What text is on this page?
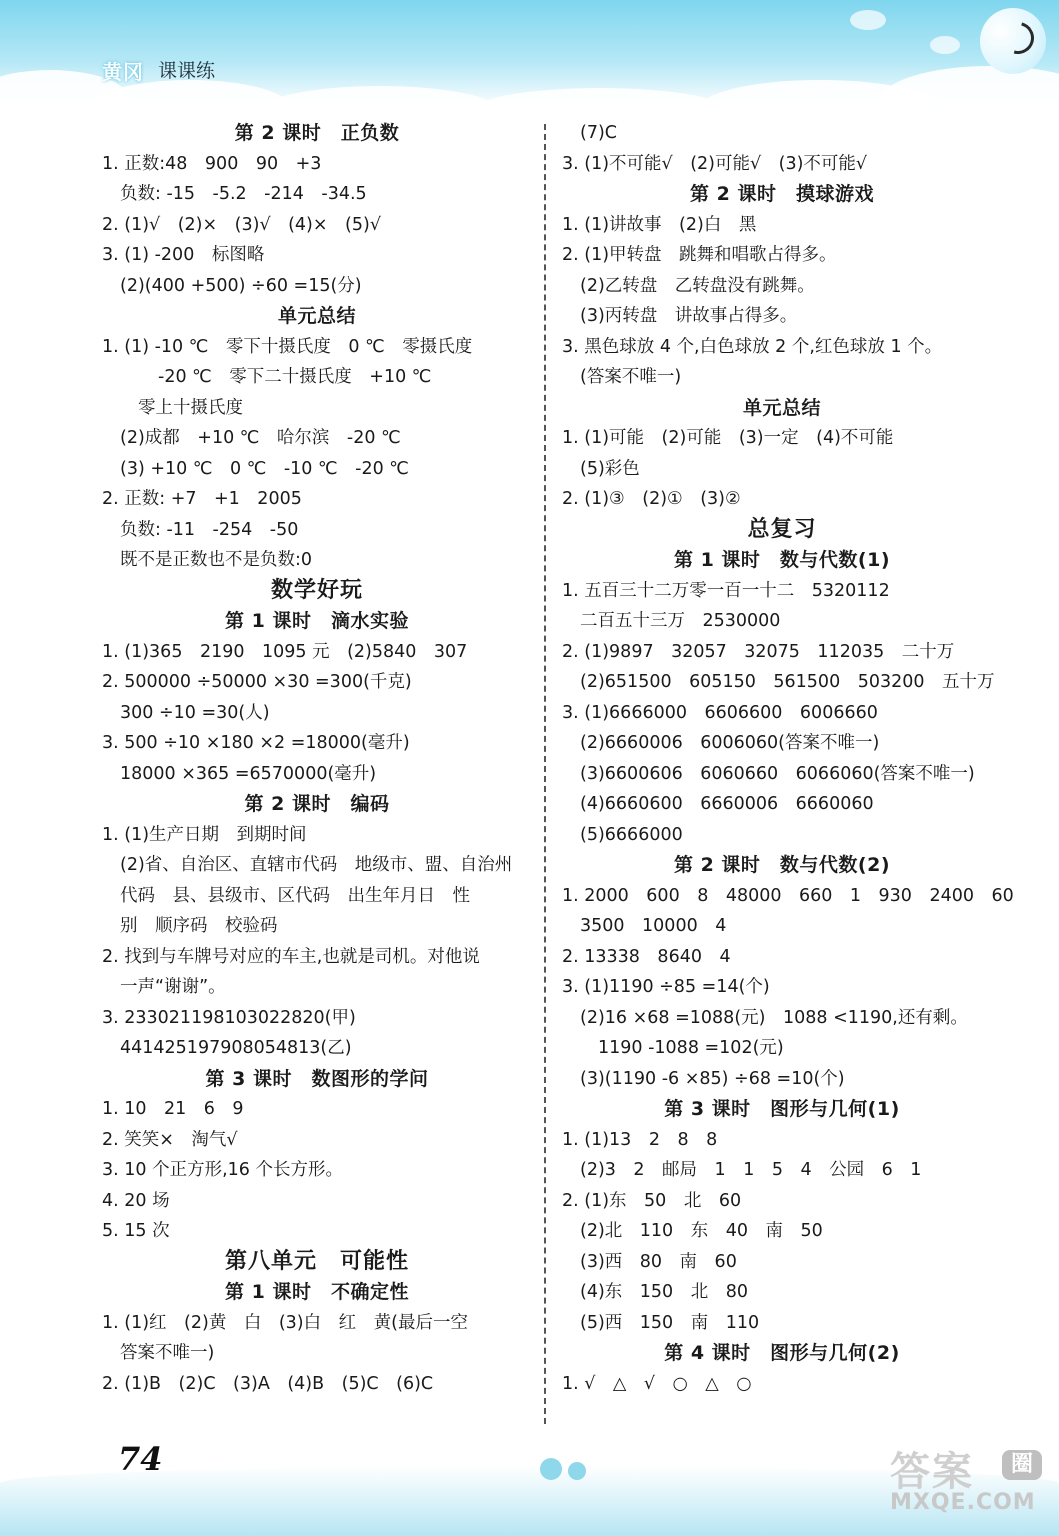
黄冈 课课练
第 2 课时　正负数
1. 正数:48　900　90　+3
负数: -15　-5.2　-214　-34.5
2. (1)√　(2)×　(3)√　(4)×　(5)√
3. (1) -200　标图略
(2)(400 +500) ÷60 =15(分)
单元总结
1. (1) -10 ℃　零下十摄氏度　0 ℃　零摄氏度
-20 ℃　零下二十摄氏度　+10 ℃
零上十摄氏度
(2)成都　+10 ℃　哈尔滨　-20 ℃
(3) +10 ℃　0 ℃　-10 ℃　-20 ℃
2. 正数: +7　+1　2005
负数: -11　-254　-50
既不是正数也不是负数:0
数学好玩
第 1 课时　滴水实验
1. (1)365　2190　1095 元　(2)5840　307
2. 500000 ÷50000 ×30 =300(千克)
300 ÷10 =30(人)
3. 500 ÷10 ×180 ×2 =18000(毫升)
18000 ×365 =6570000(毫升)
第 2 课时　编码
1. (1)生产日期　到期时间
(2)省、自治区、直辖市代码　地级市、盟、自治州
代码　县、县级市、区代码　出生年月日　性
别　顺序码　校验码
2. 找到与车牌号对应的车主,也就是司机。对他说
一声“谢谢”。
3. 233021198103022820(甲)
441425197908054813(乙)
第 3 课时　数图形的学问
1. 10　21　6　9
2. 笑笑×　淘气√
3. 10 个正方形,16 个长方形。
4. 20 场
5. 15 次
第八单元　可能性
第 1 课时　不确定性
1. (1)红　(2)黄　白　(3)白　红　黄(最后一空
答案不唯一)
2. (1)B　(2)C　(3)A　(4)B　(5)C　(6)C
(7)C
3. (1)不可能√　(2)可能√　(3)不可能√
第 2 课时　摸球游戏
1. (1)讲故事　(2)白　黑
2. (1)甲转盘　跳舞和唱歌占得多。
(2)乙转盘　乙转盘没有跳舞。
(3)丙转盘　讲故事占得多。
3. 黑色球放 4 个,白色球放 2 个,红色球放 1 个。
(答案不唯一)
单元总结
1. (1)可能　(2)可能　(3)一定　(4)不可能
(5)彩色
2. (1)③　(2)①　(3)②
总复习
第 1 课时　数与代数(1)
1. 五百三十二万零一百一十二　5320112
二百五十三万　2530000
2. (1)9897　32057　32075　112035　二十万
(2)651500　605150　561500　503200　五十万
3. (1)6666000　6606600　6006660
(2)6660006　6006060(答案不唯一)
(3)6600606　6060660　6066060(答案不唯一)
(4)6660600　6660006　6660060
(5)6666000
第 2 课时　数与代数(2)
1. 2000　600　8　48000　660　1　930　2400　60
3500　10000　4
2. 13338　8640　4
3. (1)1190 ÷85 =14(个)
(2)16 ×68 =1088(元)　1088 <1190,还有剩。
1190 -1088 =102(元)
(3)(1190 -6 ×85) ÷68 =10(个)
第 3 课时　图形与几何(1)
1. (1)13　2　8　8
(2)3　2　邮局　1　1　5　4　公园　6　1
2. (1)东　50　北　60
(2)北　110　东　40　南　50
(3)西　80　南　60
(4)东　150　北　80
(5)西　150　南　110
第 4 课时　图形与几何(2)
1. √　△　√　○　△　○
74	答案	圈
MXQE.COM
